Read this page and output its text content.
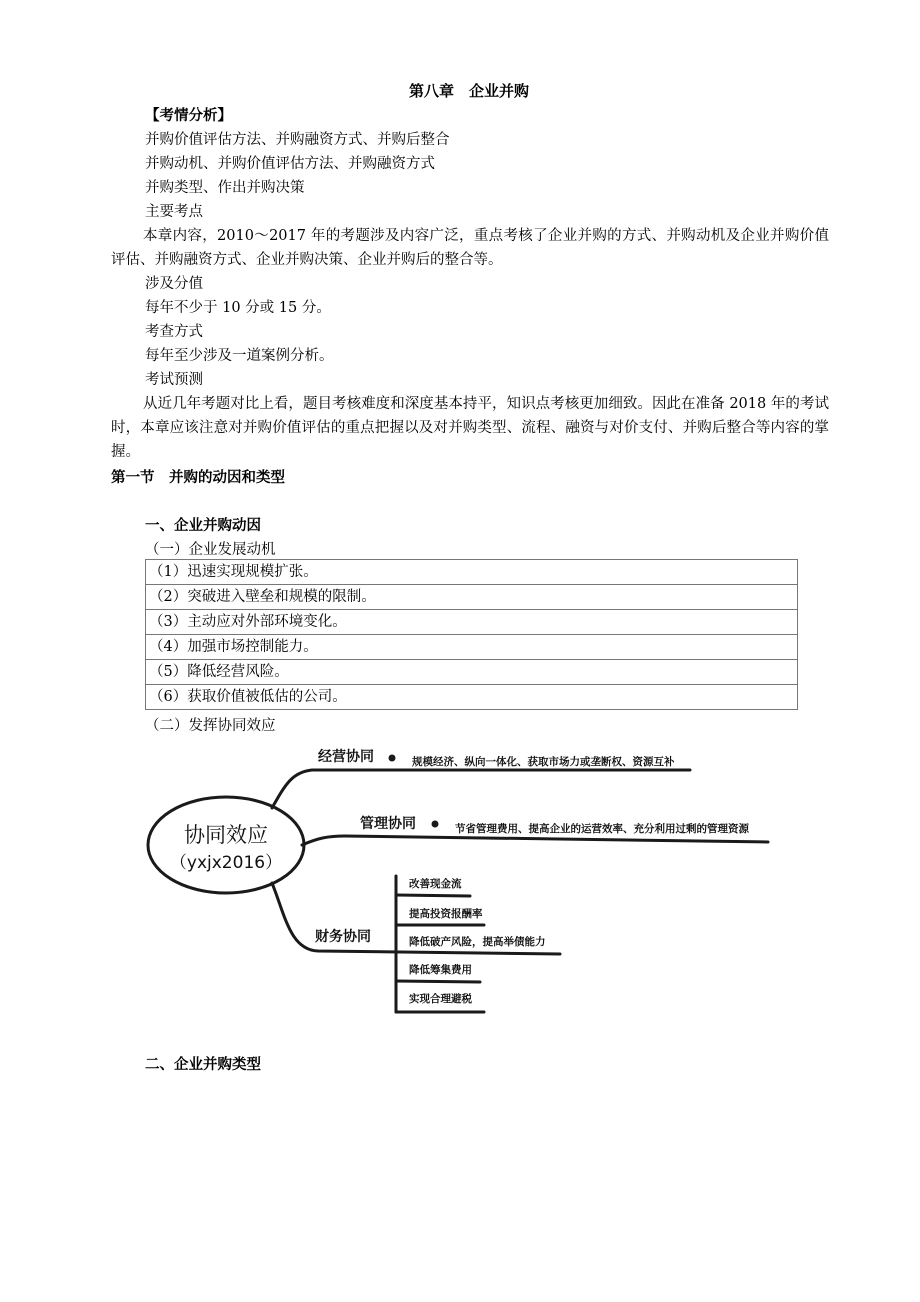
第八章　企业并购
【考情分析】
并购价值评估方法、并购融资方式、并购后整合
并购动机、并购价值评估方法、并购融资方式
并购类型、作出并购决策
主要考点
本章内容，2010～2017 年的考题涉及内容广泛，重点考核了企业并购的方式、并购动机及企业并购价值评估、并购融资方式、企业并购决策、企业并购后的整合等。
涉及分值
每年不少于 10 分或 15 分。
考查方式
每年至少涉及一道案例分析。
考试预测
从近几年考题对比上看，题目考核难度和深度基本持平，知识点考核更加细致。因此在准备 2018 年的考试时，本章应该注意对并购价值评估的重点把握以及对并购类型、流程、融资与对价支付、并购后整合等内容的掌握。
第一节　并购的动因和类型
一、企业并购动因
（一）企业发展动机
（1）迅速实现规模扩张。
（2）突破进入壁垒和规模的限制。
（3）主动应对外部环境变化。
（4）加强市场控制能力。
（5）降低经营风险。
（6）获取价值被低估的公司。
（二）发挥协同效应
协同效应
（yxjx2016）
经营协同	规模经济、纵向一体化、获取市场力或垄断权、资源互补
管理协同	节省管理费用、提高企业的运营效率、充分利用过剩的管理资源
财务协同
改善现金流
提高投资报酬率
降低破产风险，提高举债能力
降低筹集费用
实现合理避税
二、企业并购类型
